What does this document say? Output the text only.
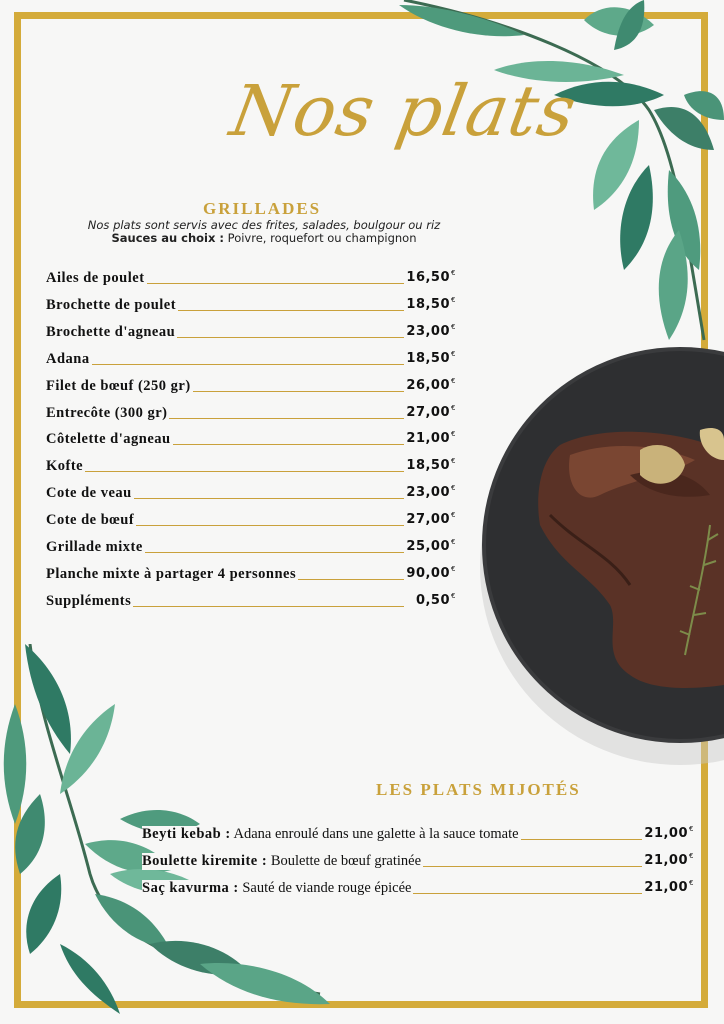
Nos plats
GRILLADES
Nos plats sont servis avec des frites, salades, boulgour ou riz
Sauces au choix : Poivre, roquefort ou champignon
Ailes de poulet	16,50€
Brochette de poulet	18,50€
Brochette d'agneau	23,00€
Adana	18,50€
Filet de bœuf (250 gr)	26,00€
Entrecôte (300 gr)	27,00€
Côtelette d'agneau	21,00€
Kofte	18,50€
Cote de veau	23,00€
Cote de bœuf	27,00€
Grillade mixte	25,00€
Planche mixte à partager 4 personnes	90,00€
Suppléments	0,50€
LES PLATS MIJOTÉS
Beyti kebab : Adana enroulé dans une galette à la sauce tomate	21,00€
Boulette kiremite : Boulette de bœuf gratinée	21,00€
Saç kavurma : Sauté de viande rouge épicée	21,00€
